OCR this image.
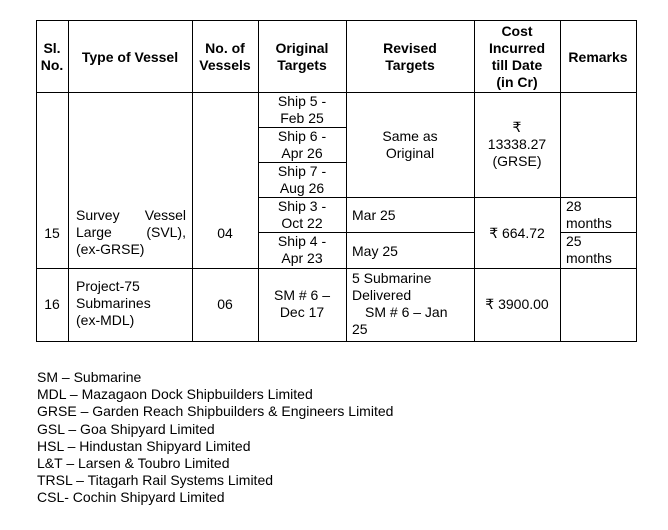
Sl.
No.	Type of Vessel
No. of
Vessels
Original
Targets
Revised
Targets
Cost
Incurred
till Date
(in Cr)
Remarks
15
Survey Vessel
Large (SVL),
(ex-GRSE)
04
Ship 5 -
Feb 25
Ship 6 -
Apr 26
Ship 7 -
Aug 26
Ship 3 -
Oct 22
Ship 4 -
Apr 23
Same as
Original
Mar 25
May 25
₹
13338.27
(GRSE)
₹ 664.72
28
months
25
months
16
Project-75
Submarines
(ex-MDL)
06
SM # 6 –
Dec 17
5 Submarine
Delivered
SM # 6 – Jan
25
₹ 3900.00
SM – Submarine
MDL – Mazagaon Dock Shipbuilders Limited
GRSE – Garden Reach Shipbuilders & Engineers Limited
GSL – Goa Shipyard Limited
HSL – Hindustan Shipyard Limited
L&T – Larsen & Toubro Limited
TRSL – Titagarh Rail Systems Limited
CSL- Cochin Shipyard Limited
